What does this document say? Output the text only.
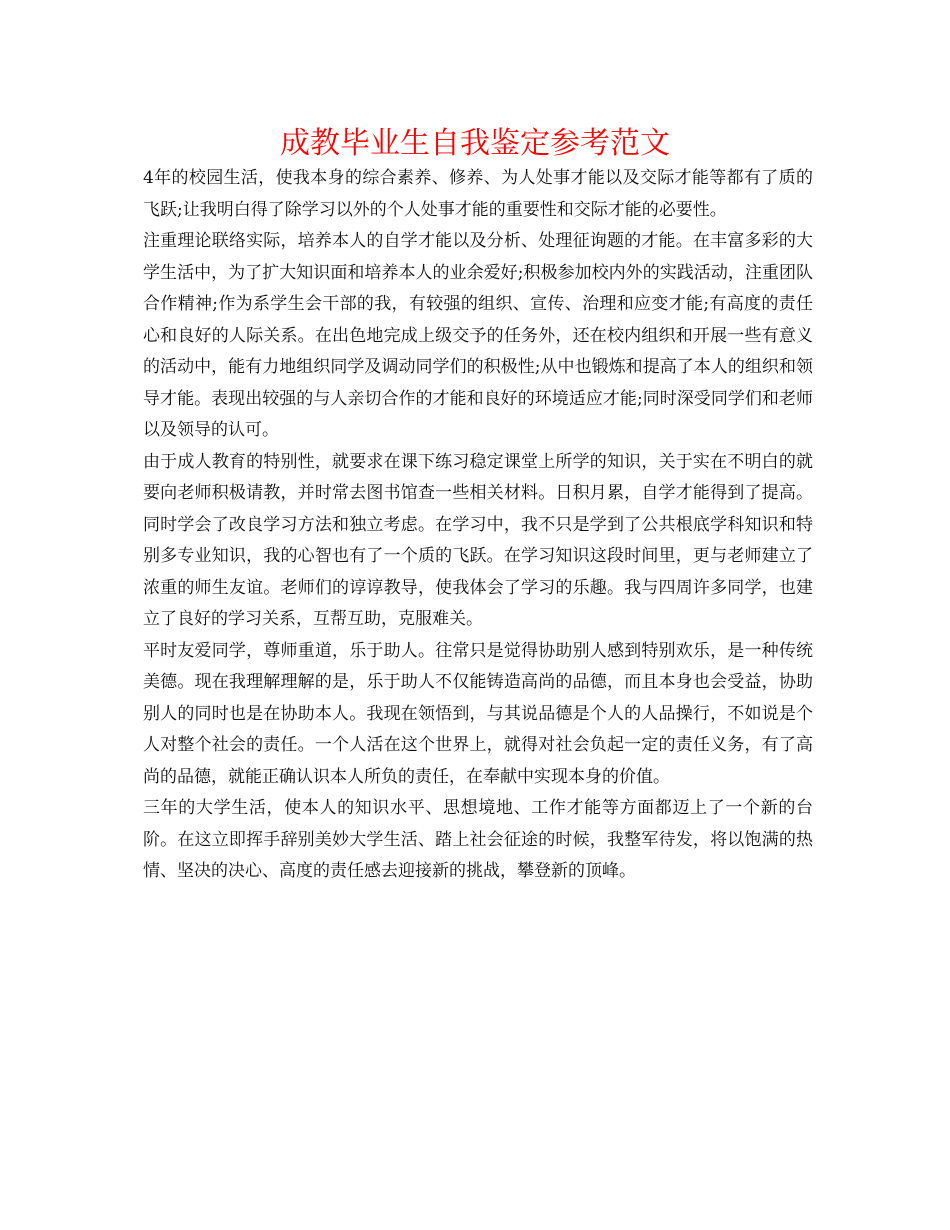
成教毕业生自我鉴定参考范文

4年的校园生活，使我本身的综合素养、修养、为人处事才能以及交际才能等都有了质的飞跃;让我明白得了除学习以外的个人处事才能的重要性和交际才能的必要性。

注重理论联络实际，培养本人的自学才能以及分析、处理征询题的才能。在丰富多彩的大学生活中，为了扩大知识面和培养本人的业余爱好;积极参加校内外的实践活动，注重团队合作精神;作为系学生会干部的我，有较强的组织、宣传、治理和应变才能;有高度的责任心和良好的人际关系。在出色地完成上级交予的任务外，还在校内组织和开展一些有意义的活动中，能有力地组织同学及调动同学们的积极性;从中也锻炼和提高了本人的组织和领导才能。表现出较强的与人亲切合作的才能和良好的环境适应才能;同时深受同学们和老师以及领导的认可。

由于成人教育的特别性，就要求在课下练习稳定课堂上所学的知识，关于实在不明白的就要向老师积极请教，并时常去图书馆查一些相关材料。日积月累，自学才能得到了提高。同时学会了改良学习方法和独立考虑。在学习中，我不只是学到了公共根底学科知识和特别多专业知识，我的心智也有了一个质的飞跃。在学习知识这段时间里，更与老师建立了浓重的师生友谊。老师们的谆谆教导，使我体会了学习的乐趣。我与四周许多同学，也建立了良好的学习关系，互帮互助，克服难关。

平时友爱同学，尊师重道，乐于助人。往常只是觉得协助别人感到特别欢乐，是一种传统美德。现在我理解理解的是，乐于助人不仅能铸造高尚的品德，而且本身也会受益，协助别人的同时也是在协助本人。我现在领悟到，与其说品德是个人的人品操行，不如说是个人对整个社会的责任。一个人活在这个世界上，就得对社会负起一定的责任义务，有了高尚的品德，就能正确认识本人所负的责任，在奉献中实现本身的价值。

三年的大学生活，使本人的知识水平、思想境地、工作才能等方面都迈上了一个新的台阶。在这立即挥手辞别美妙大学生活、踏上社会征途的时候，我整军待发，将以饱满的热情、坚决的决心、高度的责任感去迎接新的挑战，攀登新的顶峰。
